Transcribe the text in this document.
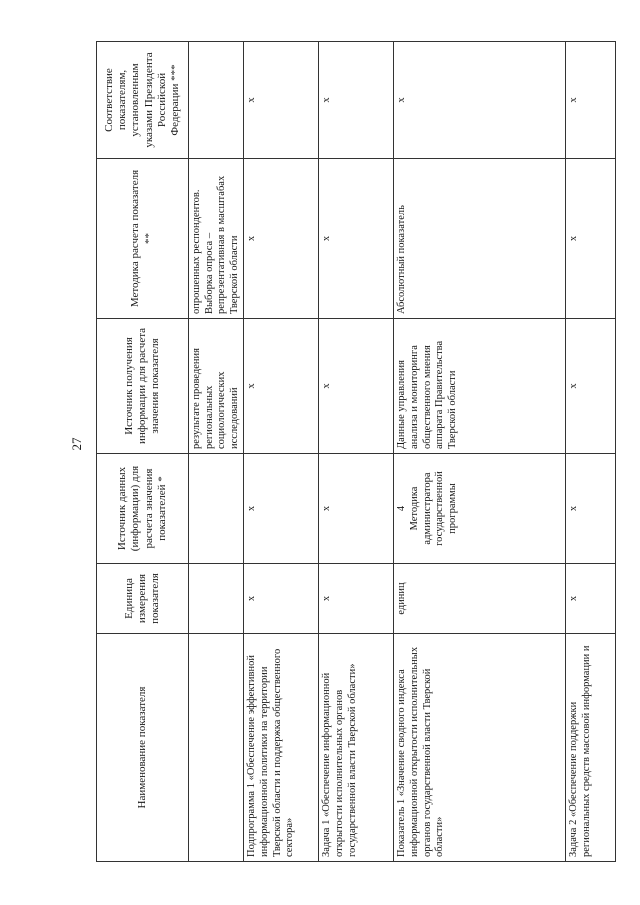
27
Наименование показателя	Единица измерения показателя	Источник данных (информации) для расчета значения показателей *	Источник получения информации для расчета значения показателя	Методика расчета показателя **	Соответствие показателям, установленным указами Президента Российской Федерации ***
			результате проведения региональных социологических исследований	опрошенных респондентов. Выборка опроса – репрезентативная в масштабах Тверской области	
Подпрограмма 1 «Обеспечение эффективной информационной политики на территории Тверской области и поддержка общественного сектора»	х	х	х	х	х
Задача 1 «Обеспечение информационной открытости исполнительных органов государственной власти Тверской области»	х	х	х	х	х
Показатель 1 «Значение сводного индекса информационной открытости исполнительных органов государственной власти Тверской области»	единиц	4 Методика администратора государственной программы	Данные управления анализа и мониторинга общественного мнения аппарата Правительства Тверской области	Абсолютный показатель	х
Задача 2 «Обеспечение поддержки региональных средств массовой информации и	х	х	х	х	х
